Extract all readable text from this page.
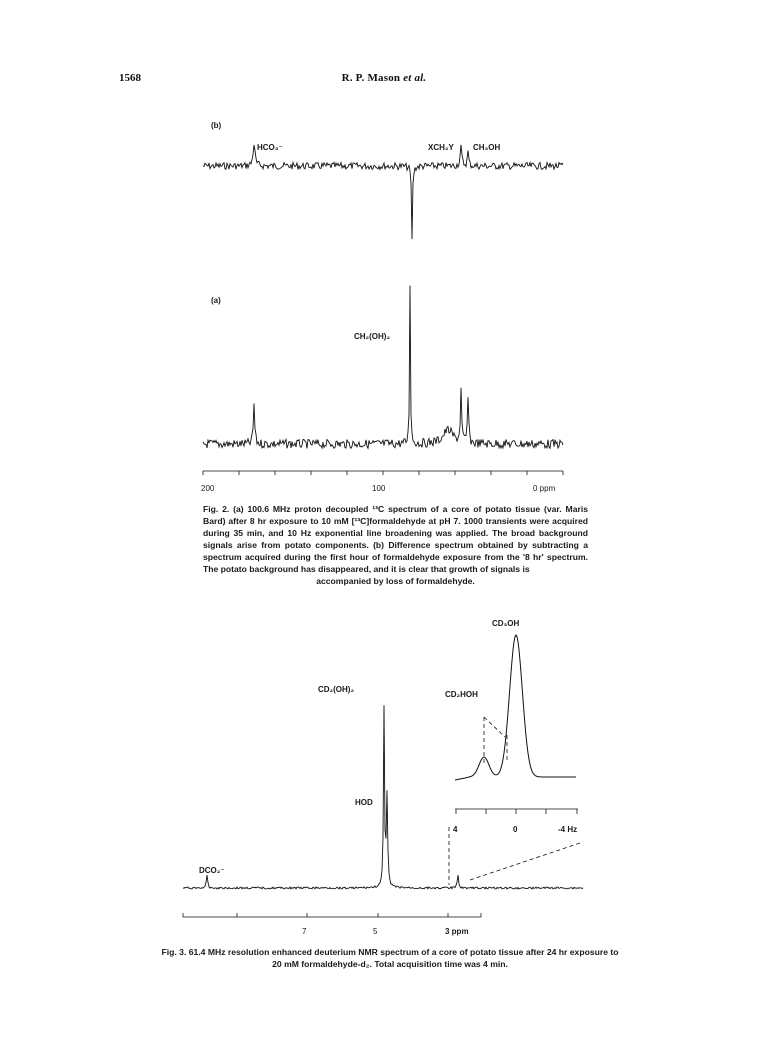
1568	R. P. Mason et al.
(b)
HCO₃⁻	XCH₂Y CH₃OH
(a)
CH₂(OH)₂
200	100	0 ppm
DCO₂⁻
CD₂(OH)₂
HOD
7	5	3 ppm
CD₃OH
CD₂HOH
4	0	-4 Hz
Fig. 2. (a) 100.6 MHz proton decoupled ¹³C spectrum of a core of potato tissue (var. Maris Bard) after 8 hr exposure to 10 mM [¹³C]formaldehyde at pH 7. 1000 transients were acquired during 35 min, and 10 Hz exponential line broadening was applied. The broad background signals arise from potato components. (b) Difference spectrum obtained by subtracting a spectrum acquired during the first hour of formaldehyde exposure from the '8 hr' spectrum. The potato background has disappeared, and it is clear that growth of signals is
accompanied by loss of formaldehyde.
Fig. 3. 61.4 MHz resolution enhanced deuterium NMR spectrum of a core of potato tissue after 24 hr exposure to
20 mM formaldehyde-d₂. Total acquisition time was 4 min.
